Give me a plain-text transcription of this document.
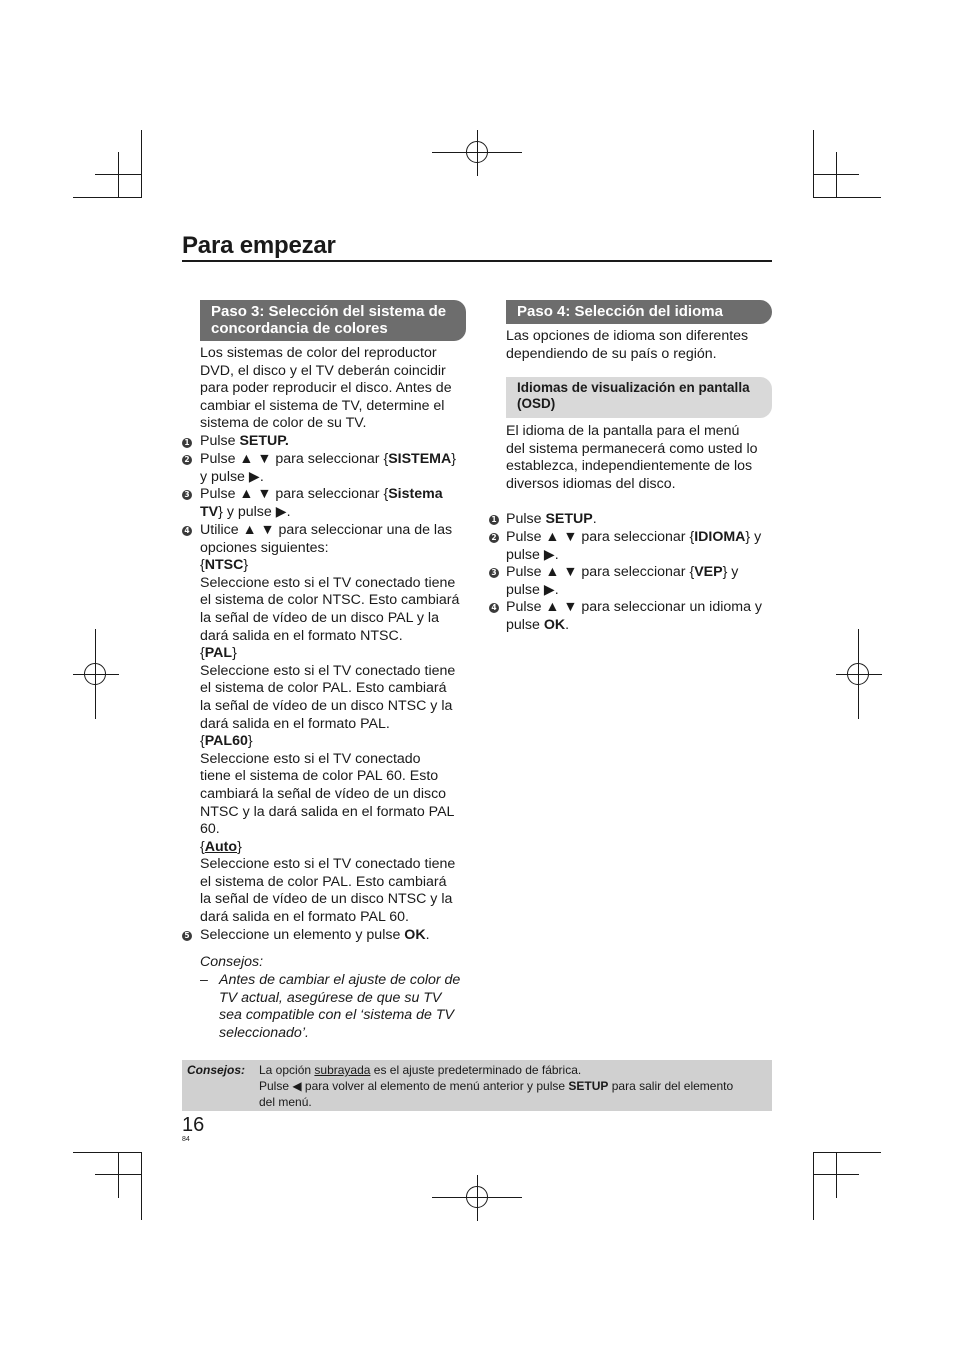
Para empezar
Paso 3: Selección del sistema de
concordancia de colores
Los sistemas de color del reproductor
DVD, el disco y el TV deberán coincidir
para poder reproducir el disco. Antes de
cambiar el sistema de TV, determine el
sistema de color de su TV.
1 Pulse SETUP.
2 Pulse ▲ ▼ para seleccionar {SISTEMA}
y pulse ▶.
3 Pulse ▲ ▼ para seleccionar {Sistema
TV} y pulse ▶.
4 Utilice ▲ ▼ para seleccionar una de las
opciones siguientes:
{NTSC}
Seleccione esto si el TV conectado tiene
el sistema de color NTSC. Esto cambiará
la señal de vídeo de un disco PAL y la
dará salida en el formato NTSC.
{PAL}
Seleccione esto si el TV conectado tiene
el sistema de color PAL. Esto cambiará
la señal de vídeo de un disco NTSC y la
dará salida en el formato PAL.
{PAL60}
Seleccione esto si el TV conectado
tiene el sistema de color PAL 60. Esto
cambiará la señal de vídeo de un disco
NTSC y la dará salida en el formato PAL
60.
{Auto}
Seleccione esto si el TV conectado tiene
el sistema de color PAL. Esto cambiará
la señal de vídeo de un disco NTSC y la
dará salida en el formato PAL 60.
5 Seleccione un elemento y pulse OK.
Consejos:
– Antes de cambiar el ajuste de color de
TV actual, asegúrese de que su TV
sea compatible con el ‘sistema de TV
seleccionado’.
Paso 4: Selección del idioma
Las opciones de idioma son diferentes
dependiendo de su país o región.
Idiomas de visualización en pantalla
(OSD)
El idioma de la pantalla para el menú
del sistema permanecerá como usted lo
establezca, independientemente de los
diversos idiomas del disco.
1 Pulse SETUP.
2 Pulse ▲ ▼ para seleccionar {IDIOMA} y
pulse ▶.
3 Pulse ▲ ▼ para seleccionar {VEP} y
pulse ▶.
4 Pulse ▲ ▼ para seleccionar un idioma y
pulse OK.
Consejos: La opción subrayada es el ajuste predeterminado de fábrica.
Pulse ◀ para volver al elemento de menú anterior y pulse SETUP para salir del elemento
del menú.
16
84
